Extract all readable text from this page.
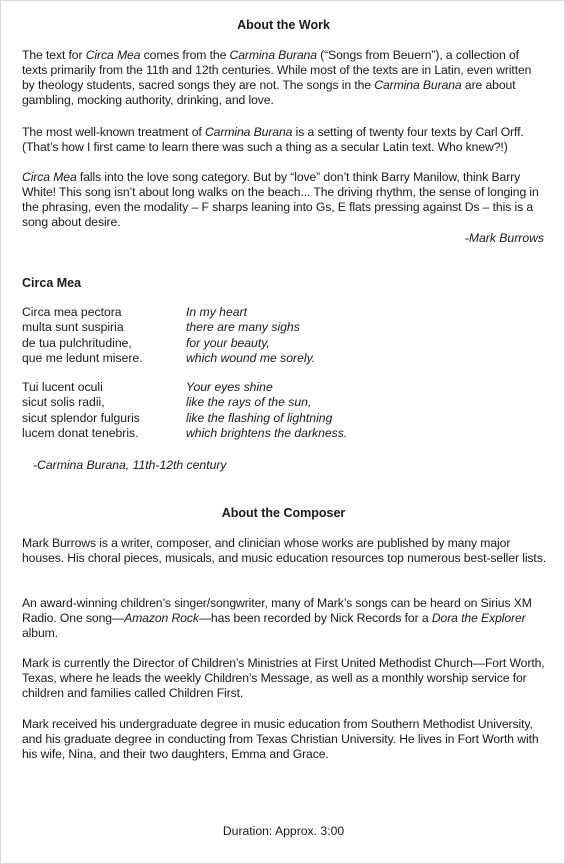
About the Work

The text for Circa Mea comes from the Carmina Burana (“Songs from Beuern”), a collection of texts primarily from the 11th and 12th centuries. While most of the texts are in Latin, even written by theology students, sacred songs they are not. The songs in the Carmina Burana are about gambling, mocking authority, drinking, and love.

The most well-known treatment of Carmina Burana is a setting of twenty four texts by Carl Orff. (That’s how I first came to learn there was such a thing as a secular Latin text. Who knew?!)

Circa Mea falls into the love song category. But by “love” don’t think Barry Manilow, think Barry White! This song isn’t about long walks on the beach... The driving rhythm, the sense of longing in the phrasing, even the modality – F sharps leaning into Gs, E flats pressing against Ds – this is a song about desire.

-Mark Burrows
Circa Mea
Circa mea pectora	In my heart
multa sunt suspiria	there are many sighs
de tua pulchritudine,	for your beauty,
que me ledunt misere.	which wound me sorely.
Tui lucent oculi	Your eyes shine
sicut solis radii,	like the rays of the sun,
sicut splendor fulguris	like the flashing of lightning
lucem donat tenebris.	which brightens the darkness.
-Carmina Burana, 11th-12th century
About the Composer

Mark Burrows is a writer, composer, and clinician whose works are published by many major houses. His choral pieces, musicals, and music education resources top numerous best-seller lists.

An award-winning children’s singer/songwriter, many of Mark’s songs can be heard on Sirius XM Radio. One song—Amazon Rock—has been recorded by Nick Records for a Dora the Explorer album.

Mark is currently the Director of Children’s Ministries at First United Methodist Church—Fort Worth, Texas, where he leads the weekly Children’s Message, as well as a monthly worship service for children and families called Children First.

Mark received his undergraduate degree in music education from Southern Methodist University, and his graduate degree in conducting from Texas Christian University. He lives in Fort Worth with his wife, Nina, and their two daughters, Emma and Grace.

Duration: Approx. 3:00
